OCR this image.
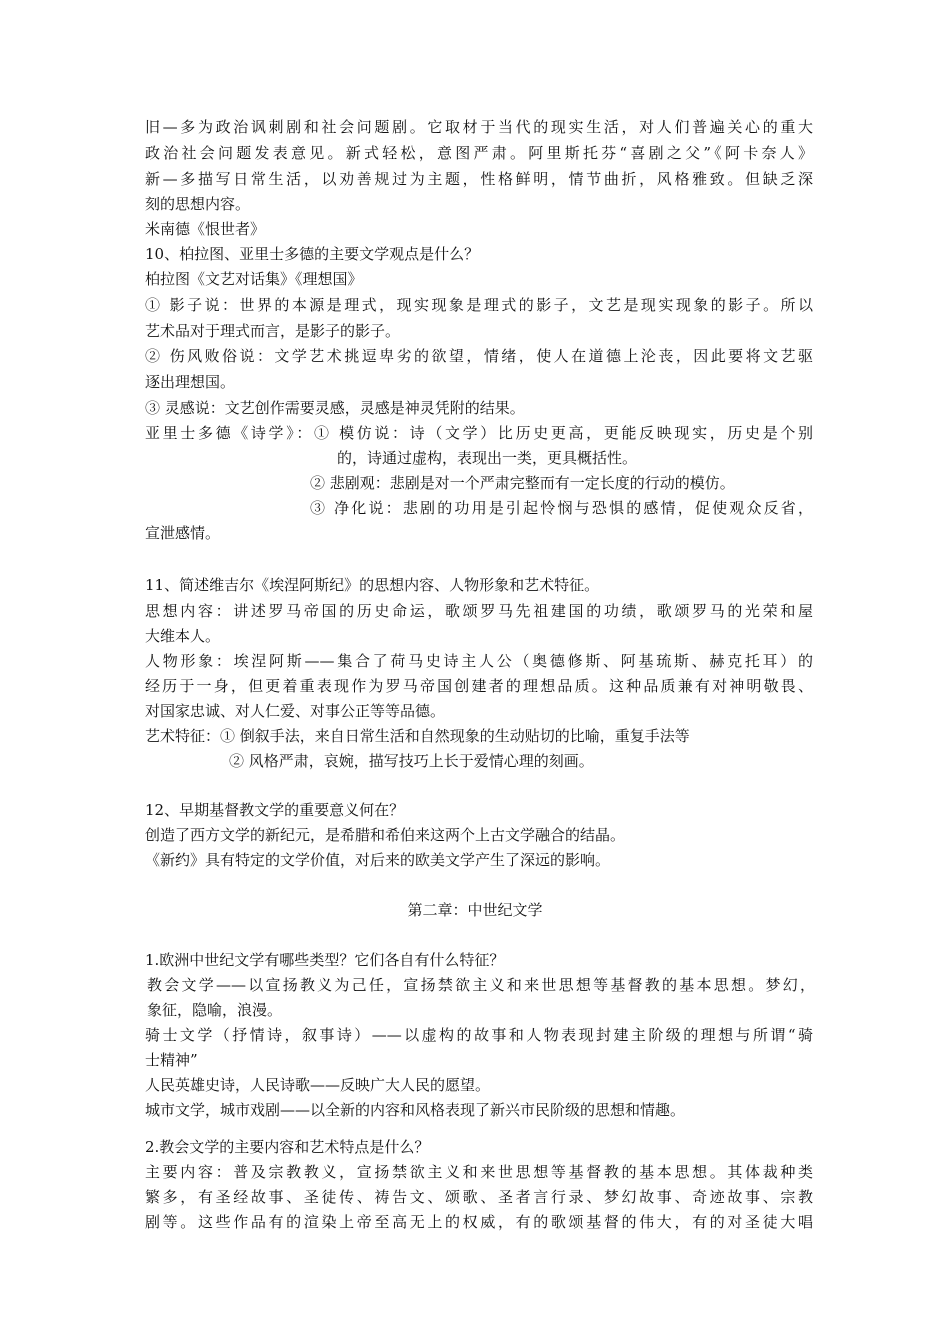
旧—多为政治讽刺剧和社会问题剧。它取材于当代的现实生活，对人们普遍关心的重大
政治社会问题发表意见。新式轻松，意图严肃。阿里斯托芬“喜剧之父”《阿卡奈人》
新—多描写日常生活，以劝善规过为主题，性格鲜明，情节曲折，风格雅致。但缺乏深
刻的思想内容。
米南德《恨世者》
10、柏拉图、亚里士多德的主要文学观点是什么？
柏拉图《文艺对话集》《理想国》
① 影子说：世界的本源是理式，现实现象是理式的影子，文艺是现实现象的影子。所以
艺术品对于理式而言，是影子的影子。
② 伤风败俗说：文学艺术挑逗卑劣的欲望，情绪，使人在道德上沦丧，因此要将文艺驱
逐出理想国。
③ 灵感说：文艺创作需要灵感，灵感是神灵凭附的结果。
亚里士多德《诗学》：① 模仿说：诗（文学）比历史更高，更能反映现实，历史是个别
的，诗通过虚构，表现出一类，更具概括性。
② 悲剧观：悲剧是对一个严肃完整而有一定长度的行动的模仿。
③ 净化说：悲剧的功用是引起怜悯与恐惧的感情，促使观众反省，
宣泄感情。
11、简述维吉尔《埃涅阿斯纪》的思想内容、人物形象和艺术特征。
思想内容：讲述罗马帝国的历史命运，歌颂罗马先祖建国的功绩，歌颂罗马的光荣和屋
大维本人。
人物形象：埃涅阿斯——集合了荷马史诗主人公（奥德修斯、阿基琉斯、赫克托耳）的
经历于一身，但更着重表现作为罗马帝国创建者的理想品质。这种品质兼有对神明敬畏、
对国家忠诚、对人仁爱、对事公正等等品德。
艺术特征：① 倒叙手法，来自日常生活和自然现象的生动贴切的比喻，重复手法等
② 风格严肃，哀婉，描写技巧上长于爱情心理的刻画。
12、早期基督教文学的重要意义何在？
创造了西方文学的新纪元，是希腊和希伯来这两个上古文学融合的结晶。
《新约》具有特定的文学价值，对后来的欧美文学产生了深远的影响。
第二章：中世纪文学
1.欧洲中世纪文学有哪些类型？它们各自有什么特征？
教会文学——以宣扬教义为己任，宣扬禁欲主义和来世思想等基督教的基本思想。梦幻，
象征，隐喻，浪漫。
骑士文学（抒情诗，叙事诗）——以虚构的故事和人物表现封建主阶级的理想与所谓“骑
士精神”
人民英雄史诗，人民诗歌——反映广大人民的愿望。
城市文学，城市戏剧——以全新的内容和风格表现了新兴市民阶级的思想和情趣。
2.教会文学的主要内容和艺术特点是什么？
主要内容：普及宗教教义，宣扬禁欲主义和来世思想等基督教的基本思想。其体裁种类
繁多，有圣经故事、圣徒传、祷告文、颂歌、圣者言行录、梦幻故事、奇迹故事、宗教
剧等。这些作品有的渲染上帝至高无上的权威，有的歌颂基督的伟大，有的对圣徒大唱
